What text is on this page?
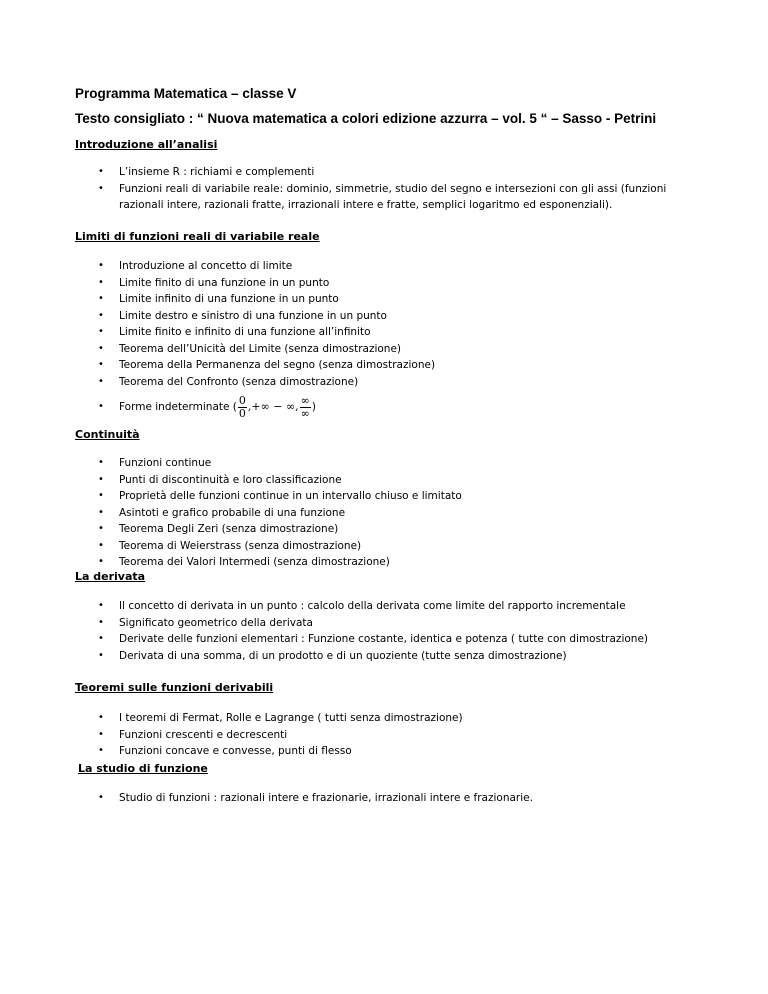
Programma Matematica – classe V
Testo consigliato : “ Nuova matematica a colori edizione azzurra – vol. 5 “ – Sasso - Petrini
Introduzione all’analisi
• L’insieme R : richiami e complementi
• Funzioni reali di variabile reale: dominio, simmetrie, studio del segno e intersezioni con gli assi (funzioni razionali intere, razionali fratte, irrazionali intere e fratte, semplici logaritmo ed esponenziali).
Limiti di funzioni reali di variabile reale
• Introduzione al concetto di limite
• Limite finito di una funzione in un punto
• Limite infinito di una funzione in un punto
• Limite destro e sinistro di una funzione in un punto
• Limite finito e infinito di una funzione all’infinito
• Teorema dell’Unicità del Limite (senza dimostrazione)
• Teorema della Permanenza del segno (senza dimostrazione)
• Teorema del Confronto (senza dimostrazione)
• Forme indeterminate ( $\frac{0}{0}$ , +∞ − ∞ , $\frac{\infty}{\infty}$ )
Continuità
• Funzioni continue
• Punti di discontinuità e loro classificazione
• Proprietà delle funzioni continue in un intervallo chiuso e limitato
• Asintoti e grafico probabile di una funzione
• Teorema Degli Zeri (senza dimostrazione)
• Teorema di Weierstrass (senza dimostrazione)
• Teorema dei Valori Intermedi (senza dimostrazione)
La derivata
• Il concetto di derivata in un punto : calcolo della derivata come limite del rapporto incrementale
• Significato geometrico della derivata
• Derivate delle funzioni elementari : Funzione costante, identica e potenza ( tutte con dimostrazione)
• Derivata di una somma, di un prodotto e di un quoziente (tutte senza dimostrazione)
Teoremi sulle funzioni derivabili
• I teoremi di Fermat, Rolle e Lagrange ( tutti senza dimostrazione)
• Funzioni crescenti e decrescenti
• Funzioni concave e convesse, punti di flesso
La studio di funzione
• Studio di funzioni : razionali intere e frazionarie, irrazionali intere e frazionarie.
